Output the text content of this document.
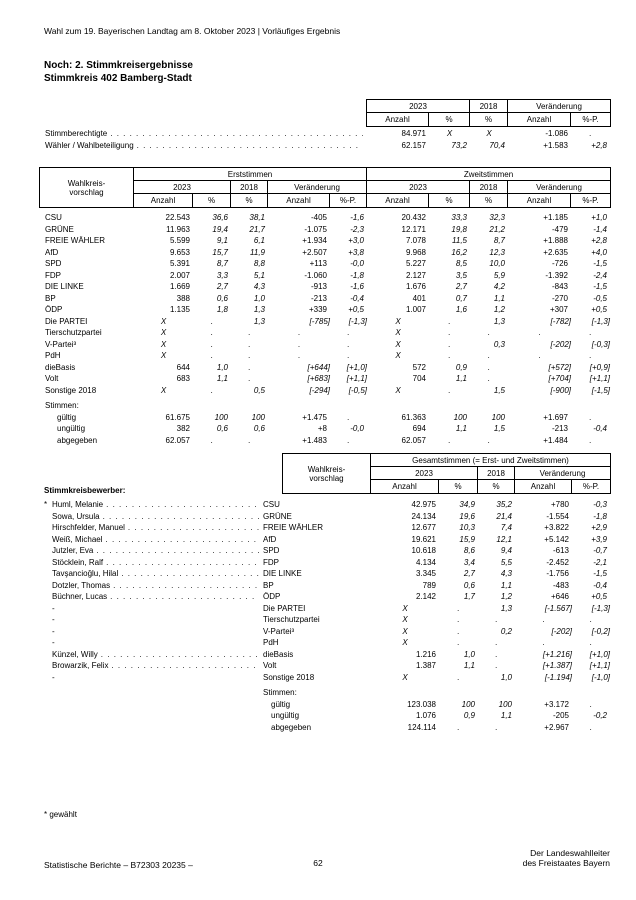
Wahl zum 19. Bayerischen Landtag am 8. Oktober 2023 | Vorläufiges Ergebnis
Noch: 2. Stimmkreisergebnisse
Stimmkreis 402 Bamberg-Stadt
2023	2018	Veränderung
Anzahl	%	%	Anzahl	%-P.
Stimmberechtigte . . .	84.971	X	X	-1.086	.
Wähler / Wahlbeteiligung . . .	62.157	73,2	70,4	+1.583	+2,8
Wahlkreis-
vorschlag
Erststimmen	Zweitstimmen
2023	2018	Veränderung	2023	2018	Veränderung
Anzahl	%	%	Anzahl	%-P.	Anzahl	%	%	Anzahl	%-P.
CSU	22.543	36,6	38,1	-405	-1,6	20.432	33,3	32,3	+1.185	+1,0
GRÜNE	11.963	19,4	21,7	-1.075	-2,3	12.171	19,8	21,2	-479	-1,4
FREIE WÄHLER	5.599	9,1	6,1	+1.934	+3,0	7.078	11,5	8,7	+1.888	+2,8
AfD	9.653	15,7	11,9	+2.507	+3,8	9.968	16,2	12,3	+2.635	+4,0
SPD	5.391	8,7	8,8	+113	-0,0	5.227	8,5	10,0	-726	-1,5
FDP	2.007	3,3	5,1	-1.060	-1,8	2.127	3,5	5,9	-1.392	-2,4
DIE LINKE	1.669	2,7	4,3	-913	-1,6	1.676	2,7	4,2	-843	-1,5
BP	388	0,6	1,0	-213	-0,4	401	0,7	1,1	-270	-0,5
ÖDP	1.135	1,8	1,3	+339	+0,5	1.007	1,6	1,2	+307	+0,5
Die PARTEI	X	.	1,3	[-785]	[-1,3]	X	.	1,3	[-782]	[-1,3]
Tierschutzpartei	X	.	.	.	.	X	.	.	.	.
V-Partei³	X	.	.	.	.	X	.	0,3	[-202]	[-0,3]
PdH	X	.	.	.	.	X	.	.	.	.
dieBasis	644	1,0	.	[+644]	[+1,0]	572	0,9	.	[+572]	[+0,9]
Volt	683	1,1	.	[+683]	[+1,1]	704	1,1	.	[+704]	[+1,1]
Sonstige 2018	X	.	0,5	[-294]	[-0,5]	X	.	1,5	[-900]	[-1,5]
Stimmen:
gültig	61.675	100	100	+1.475	.	61.363	100	100	+1.697	.
ungültig	382	0,6	0,6	+8	-0,0	694	1,1	1,5	-213	-0,4
abgegeben	62.057	.	.	+1.483	.	62.057	.	.	+1.484	.
Wahlkreis-
vorschlag
Gesamtstimmen (= Erst- und Zweitstimmen)
2023	2018	Veränderung
Anzahl	%	%	Anzahl	%-P.
Stimmkreisbewerber:
* Huml, Melanie . . .	CSU	42.975	34,9	35,2	+780	-0,3
Sowa, Ursula . . .	GRÜNE	24.134	19,6	21,4	-1.554	-1,8
Hirschfelder, Manuel . . .	FREIE WÄHLER	12.677	10,3	7,4	+3.822	+2,9
Weiß, Michael . . .	AfD	19.621	15,9	12,1	+5.142	+3,9
Jutzler, Eva . . .	SPD	10.618	8,6	9,4	-613	-0,7
Stöcklein, Ralf . . .	FDP	4.134	3,4	5,5	-2.452	-2,1
Tavşancioğlu, Hilal . . .	DIE LINKE	3.345	2,7	4,3	-1.756	-1,5
Dotzler, Thomas . . .	BP	789	0,6	1,1	-483	-0,4
Büchner, Lucas . . .	ÖDP	2.142	1,7	1,2	+646	+0,5
-	Die PARTEI	X	.	1,3	[-1.567]	[-1,3]
-	Tierschutzpartei	X	.	.	.	.
-	V-Partei³	X	.	0,2	[-202]	[-0,2]
-	PdH	X	.	.	.	.
Künzel, Willy . . .	dieBasis	1.216	1,0	.	[+1.216]	[+1,0]
Browarzik, Felix . . .	Volt	1.387	1,1	.	[+1.387]	[+1,1]
-	Sonstige 2018	X	.	1,0	[-1.194]	[-1,0]
Stimmen:
gültig	123.038	100	100	+3.172	.
ungültig	1.076	0,9	1,1	-205	-0,2
abgegeben	124.114	.	.	+2.967	.
* gewählt
Statistische Berichte – B72303 20235 –	62
Der Landeswahlleiter
des Freistaates Bayern
